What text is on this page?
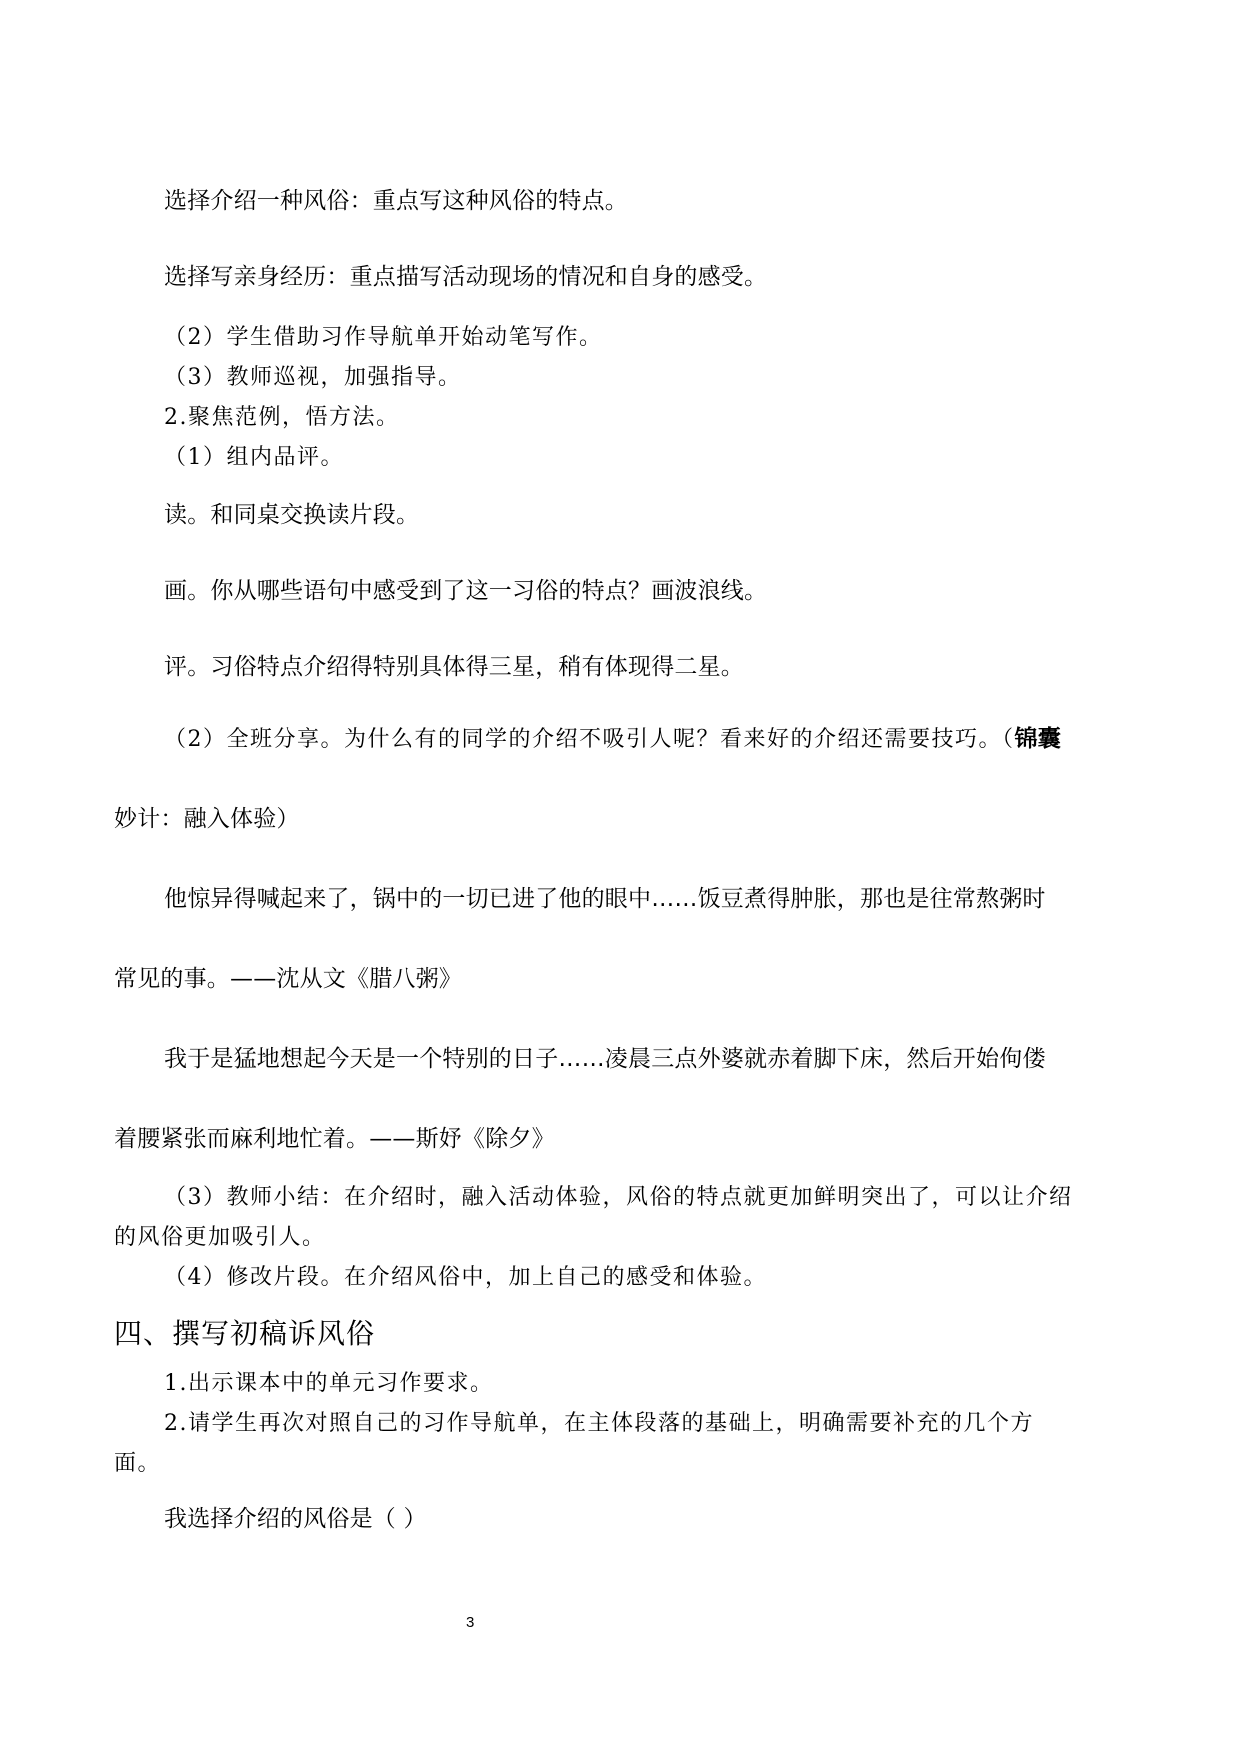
选择介绍一种风俗：重点写这种风俗的特点。
选择写亲身经历：重点描写活动现场的情况和自身的感受。
（2）学生借助习作导航单开始动笔写作。
（3）教师巡视，加强指导。
2.聚焦范例，悟方法。
（1）组内品评。
读。和同桌交换读片段。
画。你从哪些语句中感受到了这一习俗的特点？画波浪线。
评。习俗特点介绍得特别具体得三星，稍有体现得二星。
（2）全班分享。为什么有的同学的介绍不吸引人呢？看来好的介绍还需要技巧。（锦囊
妙计：融入体验）
他惊异得喊起来了，锅中的一切已进了他的眼中……饭豆煮得肿胀，那也是往常熬粥时
常见的事。——沈从文《腊八粥》
我于是猛地想起今天是一个特别的日子……凌晨三点外婆就赤着脚下床，然后开始佝偻
着腰紧张而麻利地忙着。——斯妤《除夕》
（3）教师小结：在介绍时，融入活动体验，风俗的特点就更加鲜明突出了，可以让介绍
的风俗更加吸引人。
（4）修改片段。在介绍风俗中，加上自己的感受和体验。
四、撰写初稿诉风俗
1.出示课本中的单元习作要求。
2.请学生再次对照自己的习作导航单，在主体段落的基础上，明确需要补充的几个方
面。
我选择介绍的风俗是（ ）
3
